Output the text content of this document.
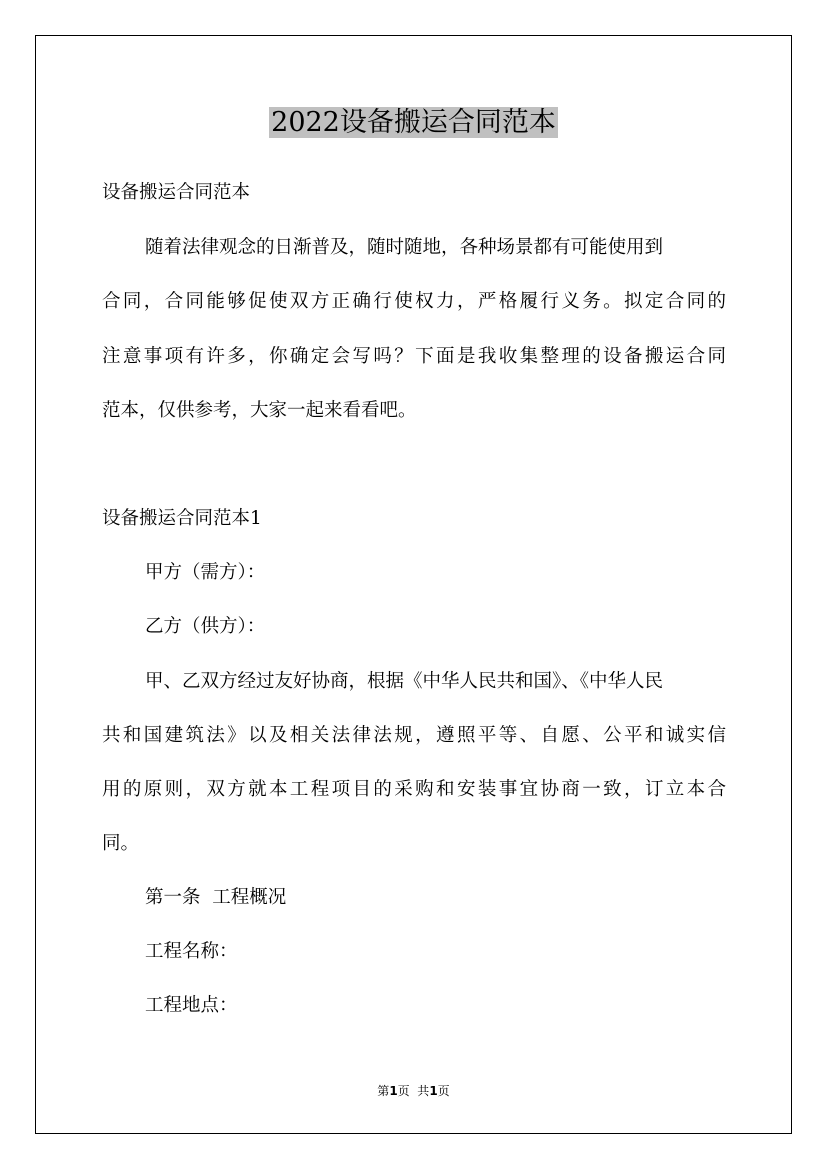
2022设备搬运合同范本

设备搬运合同范本

随着法律观念的日渐普及，随时随地，各种场景都有可能使用到

合同，合同能够促使双方正确行使权力，严格履行义务。拟定合同的

注意事项有许多，你确定会写吗？下面是我收集整理的设备搬运合同

范本，仅供参考，大家一起来看看吧。

设备搬运合同范本1

甲方（需方）：

乙方（供方）：

甲、乙双方经过友好协商，根据《中华人民共和国》、《中华人民

共和国建筑法》以及相关法律法规，遵照平等、自愿、公平和诚实信

用的原则，双方就本工程项目的采购和安装事宜协商一致，订立本合

同。

第一条  工程概况

工程名称：

工程地点：

第1页  共1页
